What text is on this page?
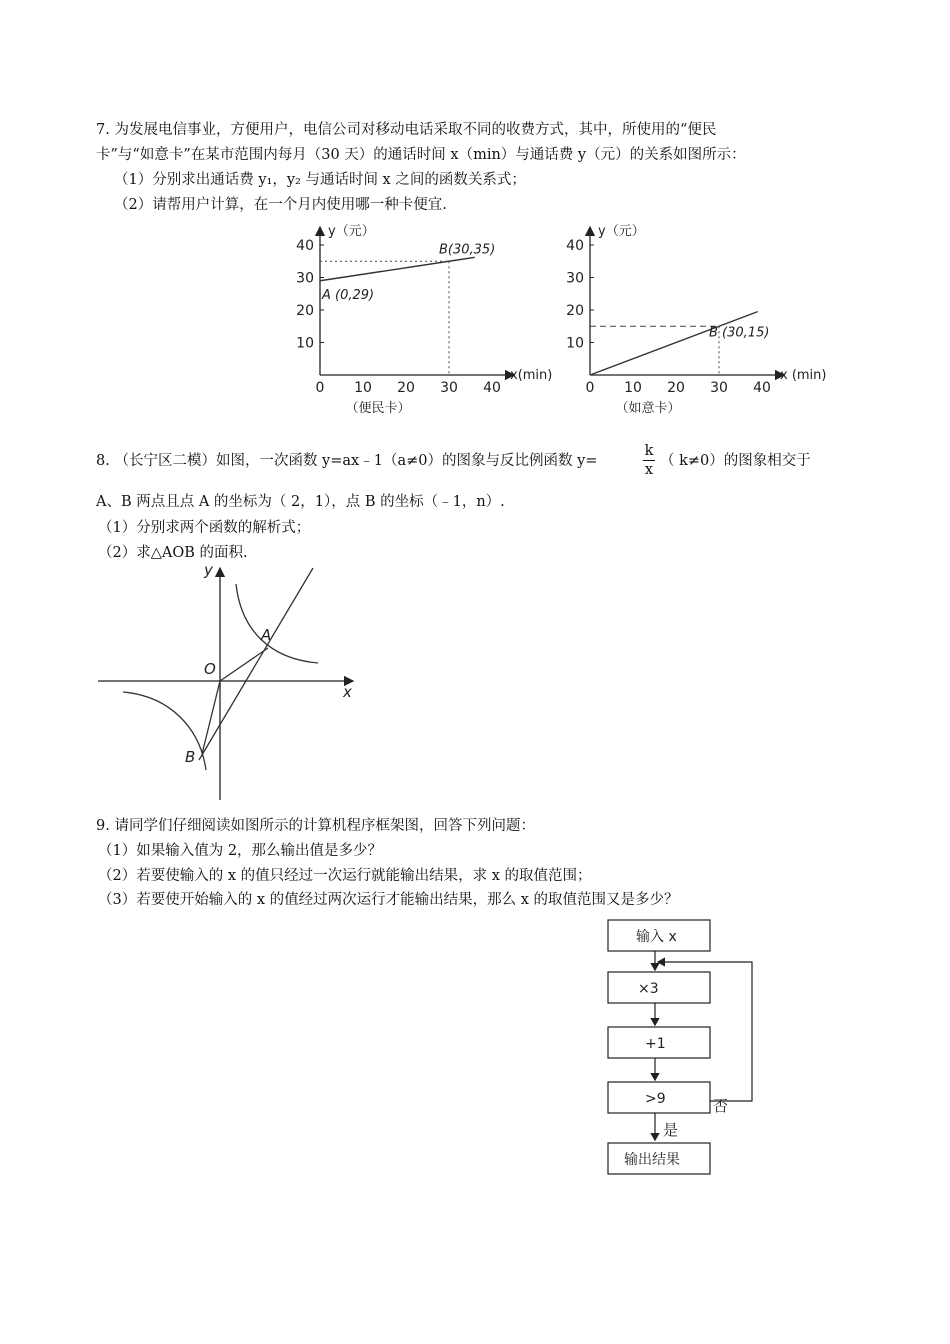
7. 为发展电信事业，方便用户，电信公司对移动电话采取不同的收费方式，其中，所使用的“便民
卡”与“如意卡”在某市范围内每月（30 天）的通话时间 x（min）与通话费 y（元）的关系如图所示：
（1）分别求出通话费 y₁，y₂ 与通话时间 x 之间的函数关系式；
（2）请帮用户计算，在一个月内使用哪一种卡便宜.
0 10 20 30 40
10
20
30
40
x(min)
y（元）
（便民卡）
A (0,29)
B(30,35)
0 10 20 30 40
10
20
30
40
x (min)
y（元）
（如意卡）
B (30,15)
8. （长宁区二模）如图，一次函数 y=ax﹣1（a≠0）的图象与反比例函数 y=
k
x
（ k≠0）的图象相交于
A、B 两点且点 A 的坐标为（ 2，1），点 B 的坐标（﹣1，n）.
（1）分别求两个函数的解析式；
（2）求△AOB 的面积.
y
x
O
A
B
9. 请同学们仔细阅读如图所示的计算机程序框架图，回答下列问题：
（1）如果输入值为 2，那么输出值是多少？
（2）若要使输入的 x 的值只经过一次运行就能输出结果，求 x 的取值范围；
（3）若要使开始输入的 x 的值经过两次运行才能输出结果，那么 x 的取值范围又是多少？
输入 x
×3
+1
>9	否
是
输出结果
